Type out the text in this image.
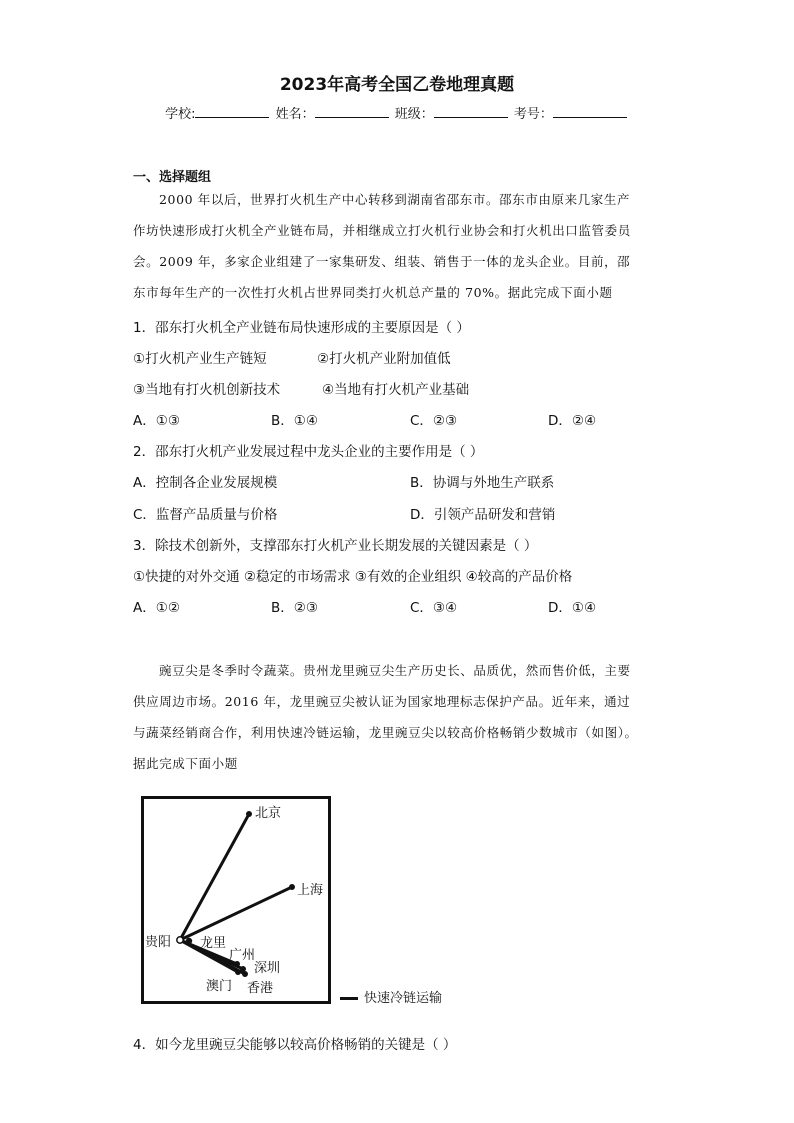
2023年高考全国乙卷地理真题
学校:	姓名：	班级：	考号：
一、选择题组
2000 年以后，世界打火机生产中心转移到湖南省邵东市。邵东市由原来几家生产
作坊快速形成打火机全产业链布局，并相继成立打火机行业协会和打火机出口监管委员
会。2009 年，多家企业组建了一家集研发、组装、销售于一体的龙头企业。目前，邵
东市每年生产的一次性打火机占世界同类打火机总产量的 70%。据此完成下面小题
1．邵东打火机全产业链布局快速形成的主要原因是（ ）
①打火机产业生产链短	②打火机产业附加值低
③当地有打火机创新技术	④当地有打火机产业基础
A．①③	B．①④	C．②③	D．②④
2．邵东打火机产业发展过程中龙头企业的主要作用是（ ）
A．控制各企业发展规模	B．协调与外地生产联系
C．监督产品质量与价格	D．引领产品研发和营销
3．除技术创新外，支撑邵东打火机产业长期发展的关键因素是（ ）
①快捷的对外交通 ②稳定的市场需求 ③有效的企业组织 ④较高的产品价格
A．①②	B．②③	C．③④	D．①④
豌豆尖是冬季时令蔬菜。贵州龙里豌豆尖生产历史长、品质优，然而售价低，主要
供应周边市场。2016 年，龙里豌豆尖被认证为国家地理标志保护产品。近年来，通过
与蔬菜经销商合作，利用快速冷链运输，龙里豌豆尖以较高价格畅销少数城市（如图）。
据此完成下面小题
北京
上海
贵阳 龙里
广州
深圳
澳门 香港
快速冷链运输
4．如今龙里豌豆尖能够以较高价格畅销的关键是（ ）
